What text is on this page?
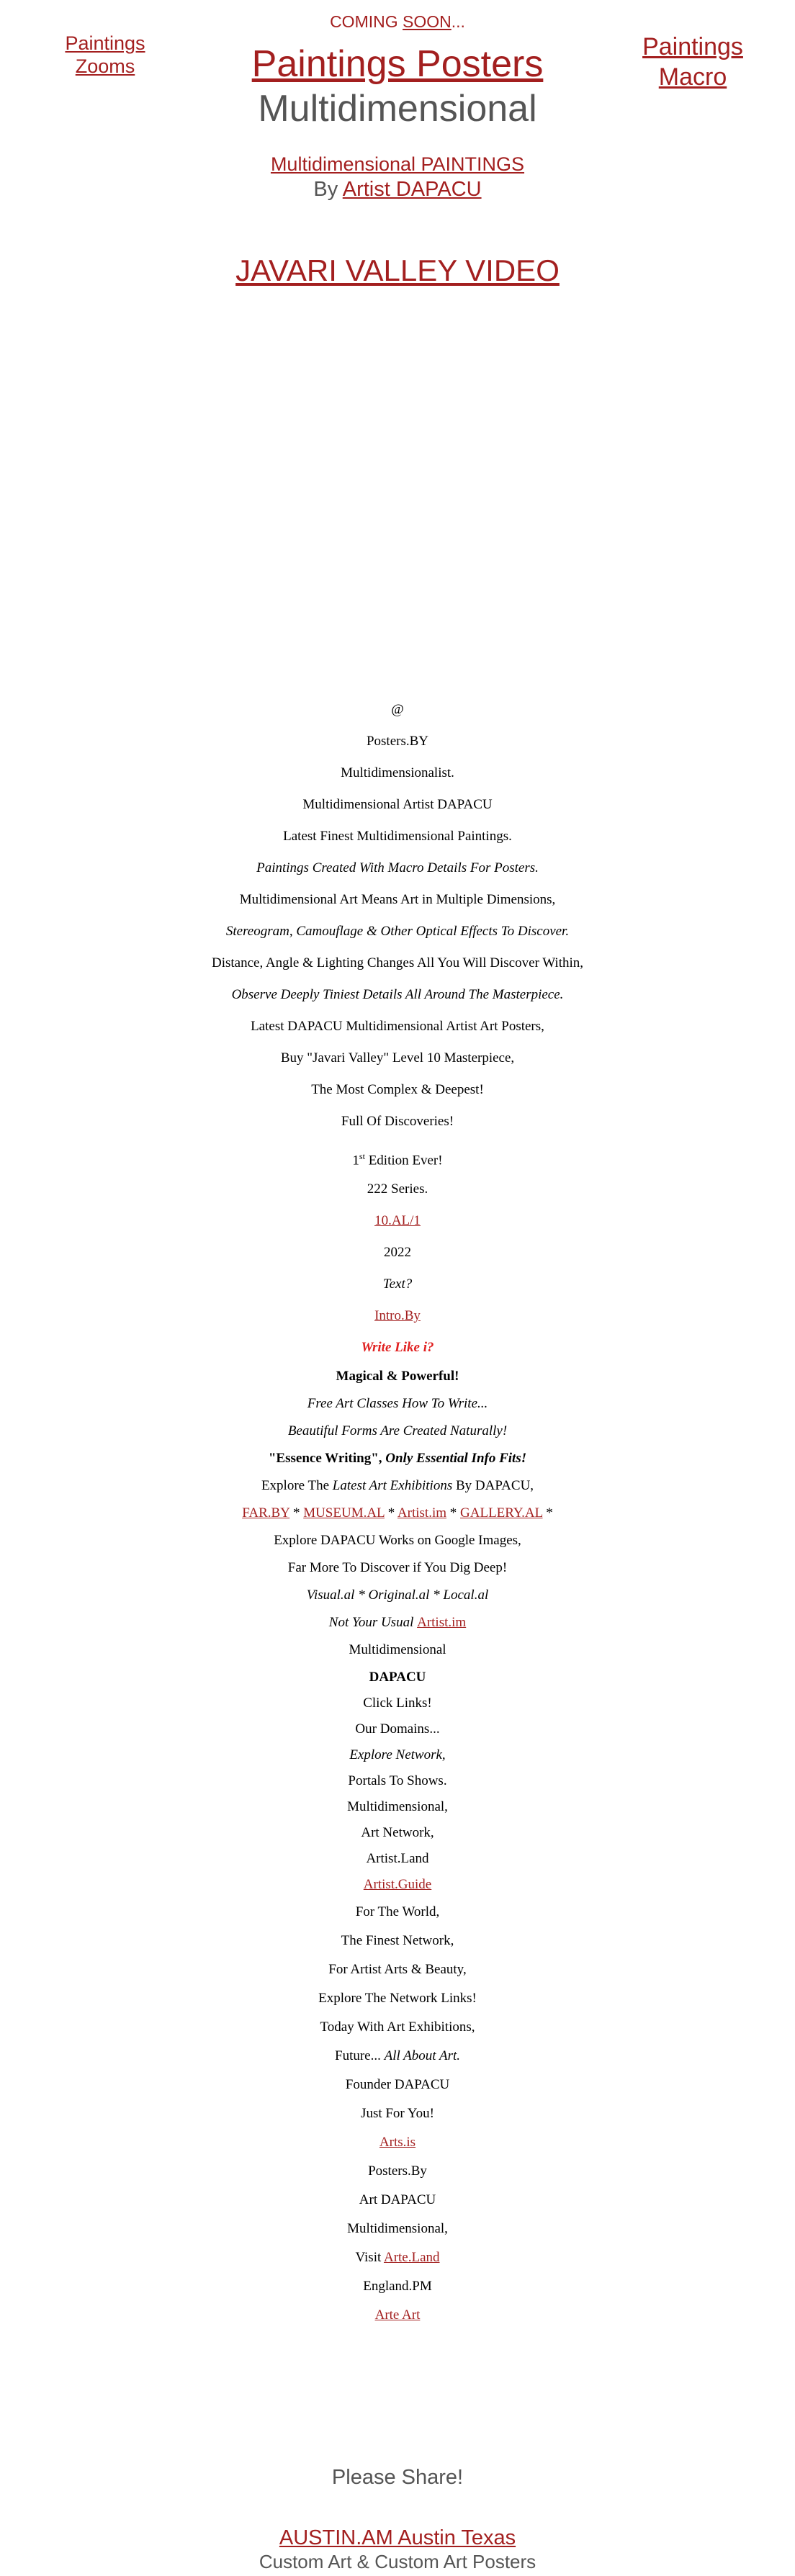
COMING SOON...
Paintings
Zooms
Paintings
Macro
Paintings Posters
Multidimensional
Multidimensional PAINTINGS
By Artist DAPACU
JAVARI VALLEY VIDEO
@
Posters.BY
Multidimensionalist.
Multidimensional Artist DAPACU
Latest Finest Multidimensional Paintings.
Paintings Created With Macro Details For Posters.
Multidimensional Art Means Art in Multiple Dimensions,
Stereogram, Camouflage & Other Optical Effects To Discover.
Distance, Angle & Lighting Changes All You Will Discover Within,
Observe Deeply Tiniest Details All Around The Masterpiece.
Latest DAPACU Multidimensional Artist Art Posters,
Buy "Javari Valley" Level 10 Masterpiece,
The Most Complex & Deepest!
Full Of Discoveries!
1st Edition Ever!
222 Series.
10.AL/1
2022
Text?
Intro.By
Write Like i?
Magical & Powerful!
Free Art Classes How To Write...
Beautiful Forms Are Created Naturally!
"Essence Writing", Only Essential Info Fits!
Explore The Latest Art Exhibitions By DAPACU,
FAR.BY * MUSEUM.AL * Artist.im * GALLERY.AL *
Explore DAPACU Works on Google Images,
Far More To Discover if You Dig Deep!
Visual.al * Original.al * Local.al
Not Your Usual Artist.im
Multidimensional
DAPACU
Click Links!
Our Domains...
Explore Network,
Portals To Shows.
Multidimensional,
Art Network,
Artist.Land
Artist.Guide
For The World,
The Finest Network,
For Artist Arts & Beauty,
Explore The Network Links!
Today With Art Exhibitions,
Future... All About Art.
Founder DAPACU
Just For You!
Arts.is
Posters.By
Art DAPACU
Multidimensional,
Visit Arte.Land
England.PM
Arte Art
Please Share!
AUSTIN.AM Austin Texas
Custom Art & Custom Art Posters
